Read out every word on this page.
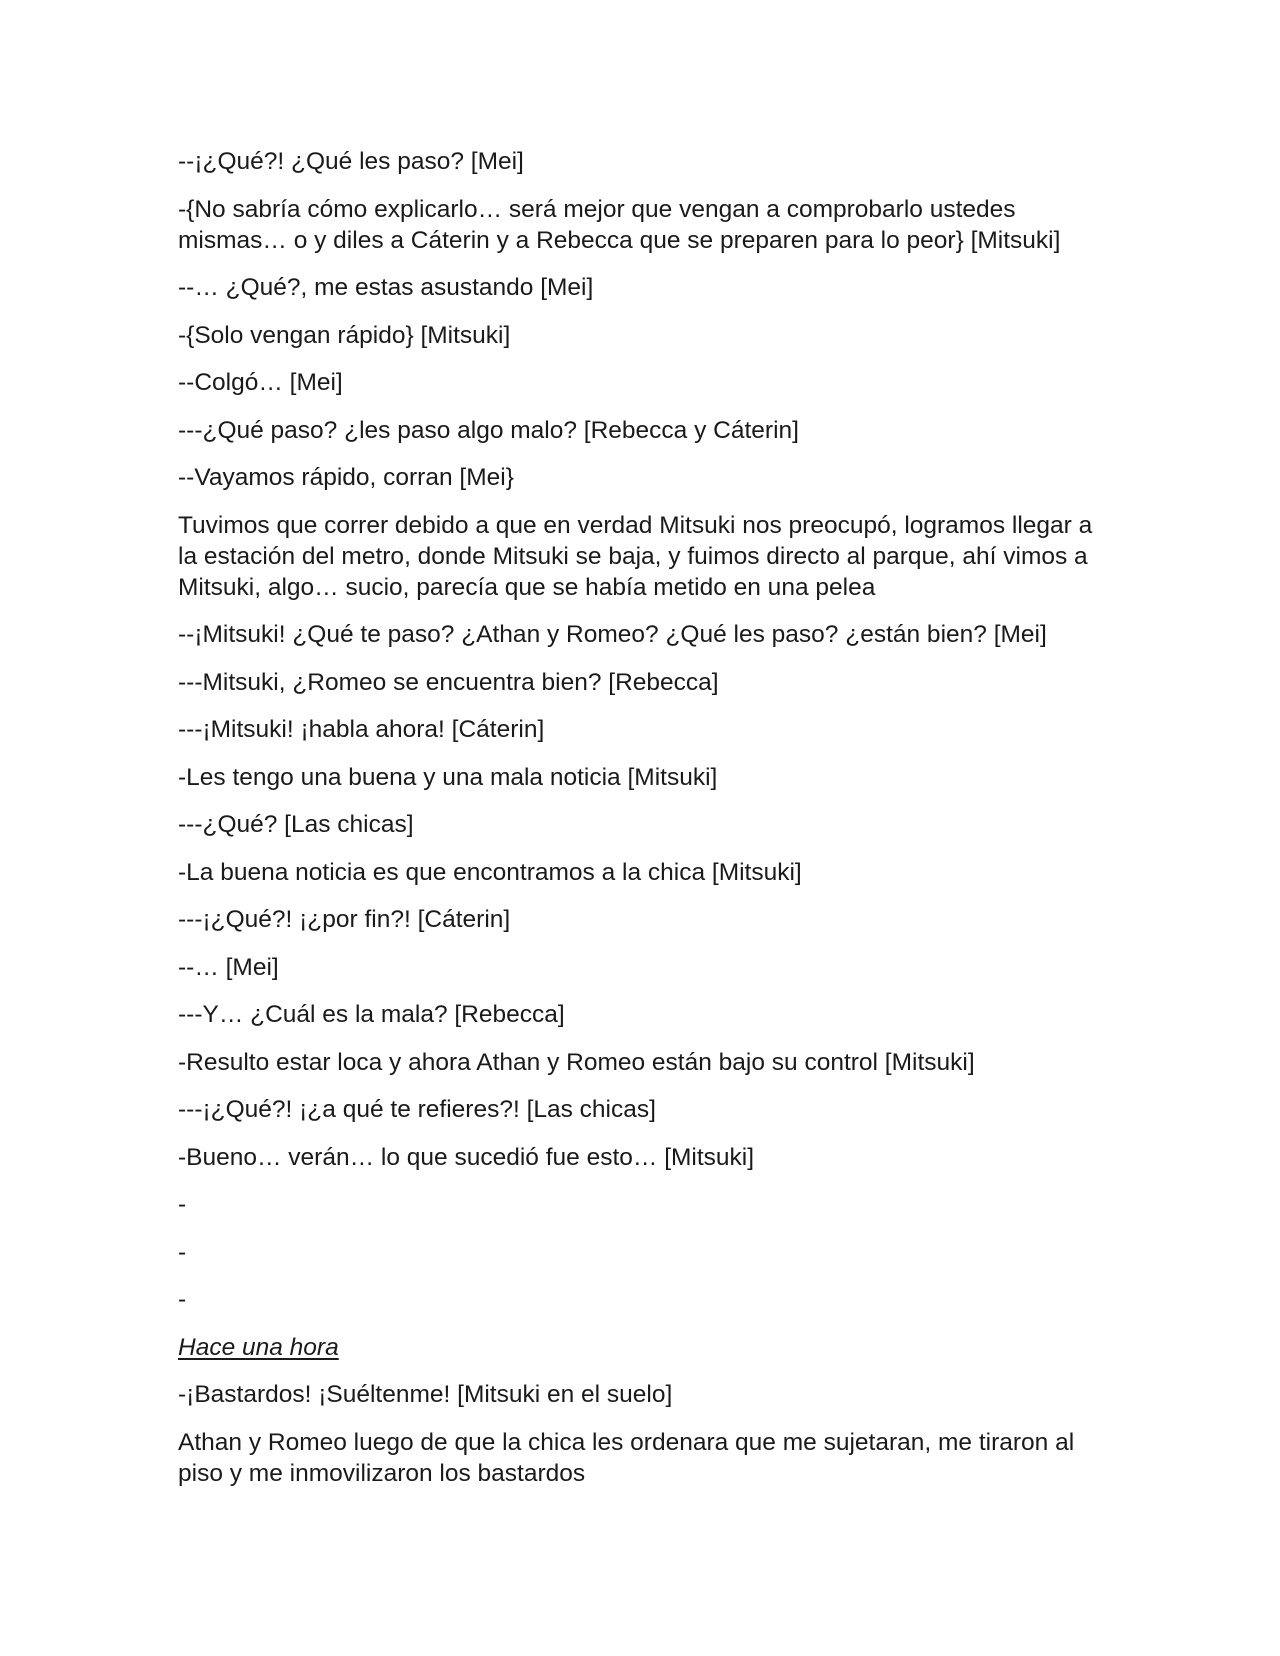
--¡¿Qué?! ¿Qué les paso? [Mei]

-{No sabría cómo explicarlo… será mejor que vengan a comprobarlo ustedes mismas… o y diles a Cáterin y a Rebecca que se preparen para lo peor} [Mitsuki]

--… ¿Qué?, me estas asustando [Mei]

-{Solo vengan rápido} [Mitsuki]

--Colgó… [Mei]

---¿Qué paso? ¿les paso algo malo? [Rebecca y Cáterin]

--Vayamos rápido, corran [Mei}

Tuvimos que correr debido a que en verdad Mitsuki nos preocupó, logramos llegar a la estación del metro, donde Mitsuki se baja, y fuimos directo al parque, ahí vimos a Mitsuki, algo… sucio, parecía que se había metido en una pelea

--¡Mitsuki! ¿Qué te paso? ¿Athan y Romeo? ¿Qué les paso? ¿están bien? [Mei]

---Mitsuki, ¿Romeo se encuentra bien? [Rebecca]

---¡Mitsuki! ¡habla ahora! [Cáterin]

-Les tengo una buena y una mala noticia [Mitsuki]

---¿Qué? [Las chicas]

-La buena noticia es que encontramos a la chica [Mitsuki]

---¡¿Qué?! ¡¿por fin?! [Cáterin]

--… [Mei]

---Y… ¿Cuál es la mala? [Rebecca]

-Resulto estar loca y ahora Athan y Romeo están bajo su control [Mitsuki]

---¡¿Qué?! ¡¿a qué te refieres?! [Las chicas]

-Bueno… verán… lo que sucedió fue esto… [Mitsuki]

-

-

-

Hace una hora

-¡Bastardos! ¡Suéltenme! [Mitsuki en el suelo]

Athan y Romeo luego de que la chica les ordenara que me sujetaran, me tiraron al piso y me inmovilizaron los bastardos
